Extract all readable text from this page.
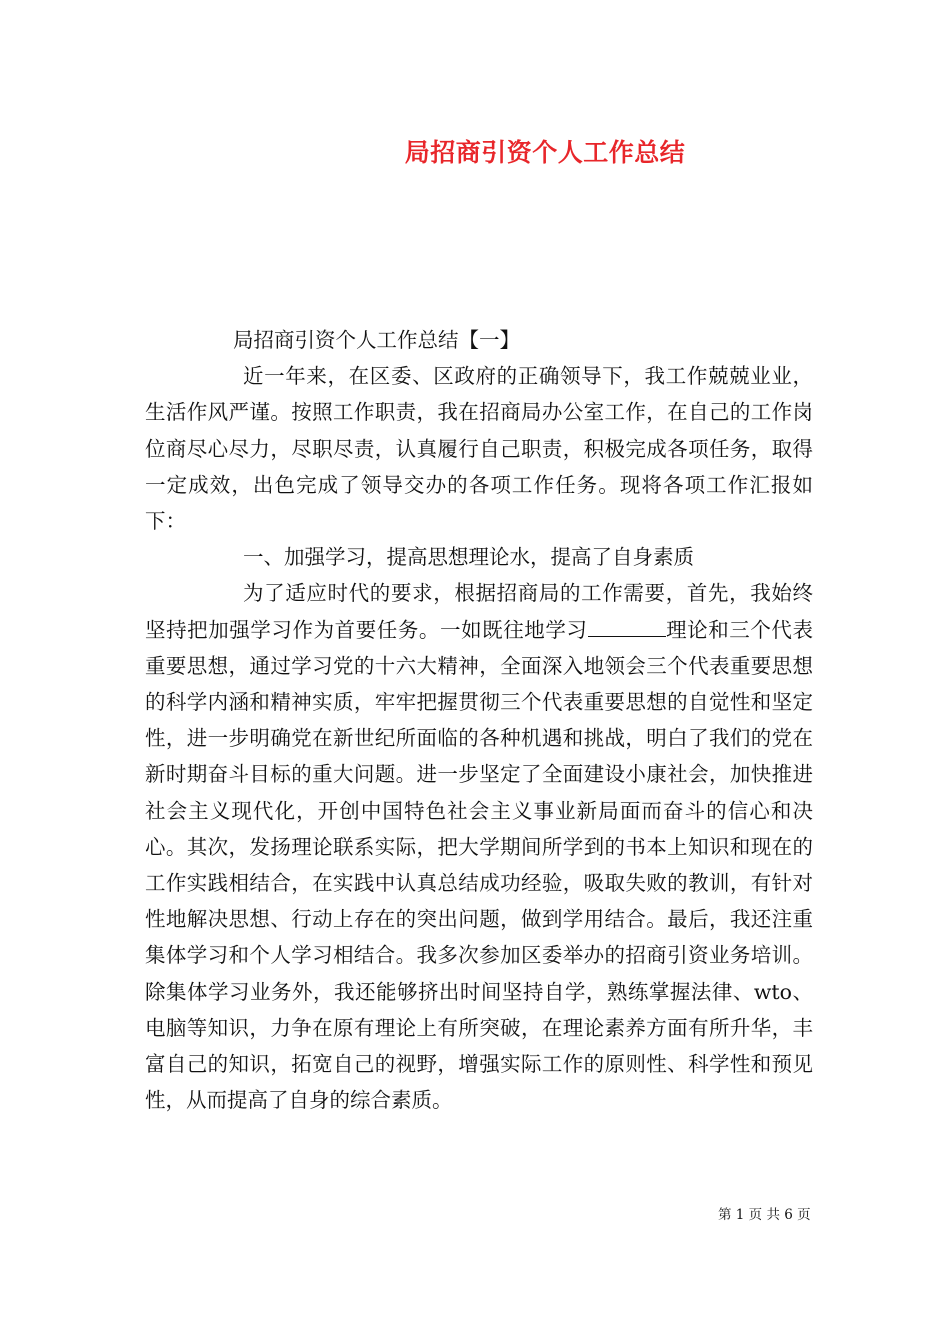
局招商引资个人工作总结
局招商引资个人工作总结【一】

近一年来，在区委、区政府的正确领导下，我工作兢兢业业，生活作风严谨。按照工作职责，我在招商局办公室工作，在自己的工作岗位商尽心尽力，尽职尽责，认真履行自己职责，积极完成各项任务，取得一定成效，出色完成了领导交办的各项工作任务。现将各项工作汇报如下：

一、加强学习，提高思想理论水，提高了自身素质

为了适应时代的要求，根据招商局的工作需要，首先，我始终坚持把加强学习作为首要任务。一如既往地学习	理论和三个代表重要思想，通过学习党的十六大精神，全面深入地领会三个代表重要思想的科学内涵和精神实质，牢牢把握贯彻三个代表重要思想的自觉性和坚定性，进一步明确党在新世纪所面临的各种机遇和挑战，明白了我们的党在新时期奋斗目标的重大问题。进一步坚定了全面建设小康社会，加快推进社会主义现代化，开创中国特色社会主义事业新局面而奋斗的信心和决心。其次，发扬理论联系实际，把大学期间所学到的书本上知识和现在的工作实践相结合，在实践中认真总结成功经验，吸取失败的教训，有针对性地解决思想、行动上存在的突出问题，做到学用结合。最后，我还注重集体学习和个人学习相结合。我多次参加区委举办的招商引资业务培训。除集体学习业务外，我还能够挤出时间坚持自学，熟练掌握法律、wto、电脑等知识，力争在原有理论上有所突破，在理论素养方面有所升华，丰富自己的知识，拓宽自己的视野，增强实际工作的原则性、科学性和预见性，从而提高了自身的综合素质。

第 1 页 共 6 页
